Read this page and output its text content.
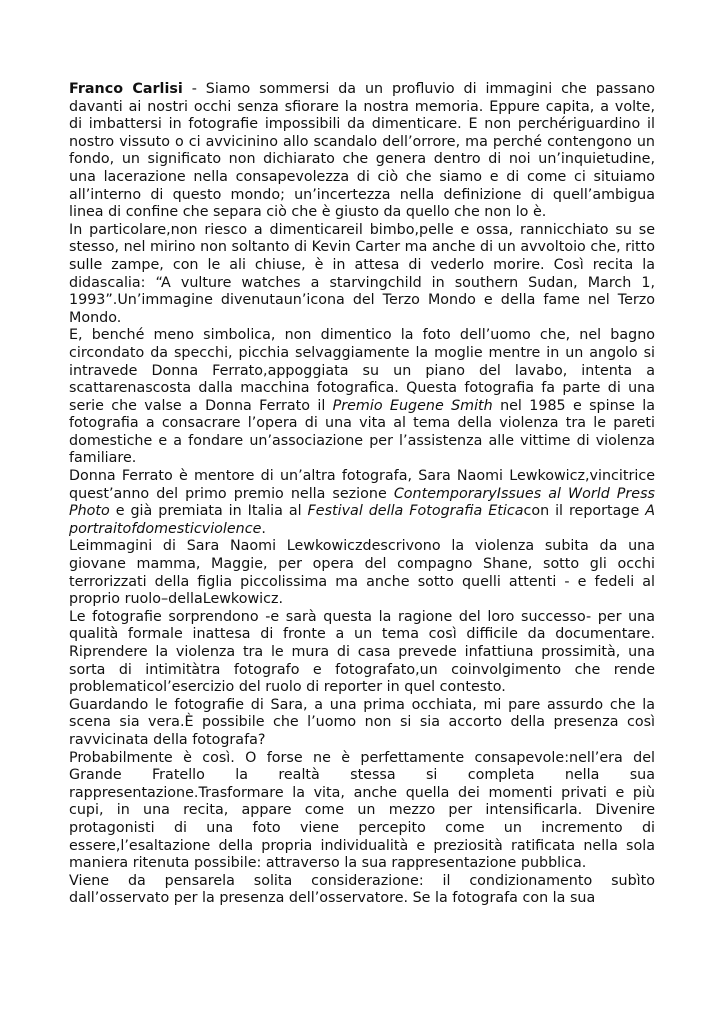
Franco Carlisi - Siamo sommersi da un profluvio di immagini che passano davanti ai nostri occhi senza sfiorare la nostra memoria. Eppure capita, a volte, di imbattersi in fotografie impossibili da dimenticare. E non perchériguardino il nostro vissuto o ci avvicinino allo scandalo dell’orrore, ma perché contengono un fondo, un significato non dichiarato che genera dentro di noi un’inquietudine, una lacerazione nella consapevolezza di ciò che siamo e di come ci situiamo all’interno di questo mondo; un’incertezza nella definizione di quell’ambigua linea di confine che separa ciò che è giusto da quello che non lo è.

In particolare,non riesco a dimenticareil bimbo,pelle e ossa, rannicchiato su se stesso, nel mirino non soltanto di Kevin Carter ma anche di un avvoltoio che, ritto sulle zampe, con le ali chiuse, è in attesa di vederlo morire. Così recita la didascalia: “A vulture watches a starvingchild in southern Sudan, March 1, 1993”.Un’immagine divenutaun’icona del Terzo Mondo e della fame nel Terzo Mondo.

E, benché meno simbolica, non dimentico la foto dell’uomo che, nel bagno circondato da specchi, picchia selvaggiamente la moglie mentre in un angolo si intravede Donna Ferrato,appoggiata su un piano del lavabo, intenta a scattarenascosta dalla macchina fotografica. Questa fotografia fa parte di una serie che valse a Donna Ferrato il Premio Eugene Smith nel 1985 e spinse la fotografia a consacrare l’opera di una vita al tema della violenza tra le pareti domestiche e a fondare un’associazione per l’assistenza alle vittime di violenza familiare.

Donna Ferrato è mentore di un’altra fotografa, Sara Naomi Lewkowicz,vincitrice quest’anno del primo premio nella sezione ContemporaryIssues al World Press Photo e già premiata in Italia al Festival della Fotografia Eticacon il reportage A portraitofdomesticviolence.

Leimmagini di Sara Naomi Lewkowiczdescrivono la violenza subita da una giovane mamma, Maggie, per opera del compagno Shane, sotto gli occhi terrorizzati della figlia piccolissima ma anche sotto quelli attenti - e fedeli al proprio ruolo–dellaLewkowicz.

Le fotografie sorprendono -e sarà questa la ragione del loro successo- per una qualità formale inattesa di fronte a un tema così difficile da documentare. Riprendere la violenza tra le mura di casa prevede infattiuna prossimità, una sorta di intimitàtra fotografo e fotografato,un coinvolgimento che rende problematicol’esercizio del ruolo di reporter in quel contesto.

Guardando le fotografie di Sara, a una prima occhiata, mi pare assurdo che la scena sia vera.È possibile che l’uomo non si sia accorto della presenza così ravvicinata della fotografa?

Probabilmente è così. O forse ne è perfettamente consapevole:nell’era del Grande Fratello la realtà stessa si completa nella sua rappresentazione.Trasformare la vita, anche quella dei momenti privati e più cupi, in una recita, appare come un mezzo per intensificarla. Divenire protagonisti di una foto viene percepito come un incremento di essere,l’esaltazione della propria individualità e preziosità ratificata nella sola maniera ritenuta possibile: attraverso la sua rappresentazione pubblica.

Viene da pensarela solita considerazione: il condizionamento subìto dall’osservato per la presenza dell’osservatore. Se la fotografa con la sua
